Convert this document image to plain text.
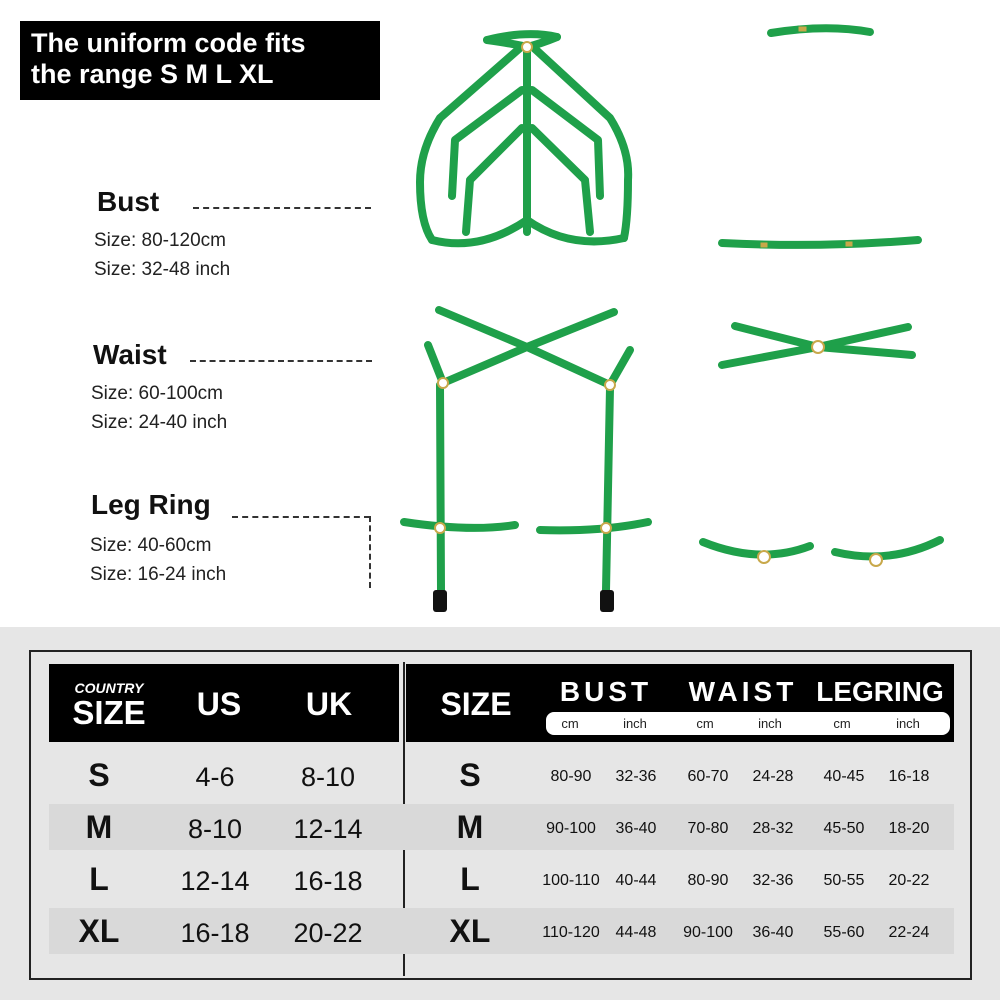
The uniform code fits
the range S M L XL
Bust
Size: 80-120cm
Size: 32-48 inch
Waist
Size: 60-100cm
Size: 24-40 inch
Leg Ring
Size: 40-60cm
Size: 16-24 inch
COUNTRY
SIZE	US	UK	SIZE	BUST	WAIST LEGRING
cm	inch	cm	inch	cm	inch
S	4-6	8-10	S	80-90	32-36	60-70	24-28	40-45	16-18
M	8-10	12-14	M	90-100	36-40	70-80	28-32	45-50	18-20
L	12-14	16-18	L	100-110 40-44	80-90	32-36	50-55	20-22
XL	16-18	20-22	XL	110-120 44-48	90-100	36-40	55-60	22-24
